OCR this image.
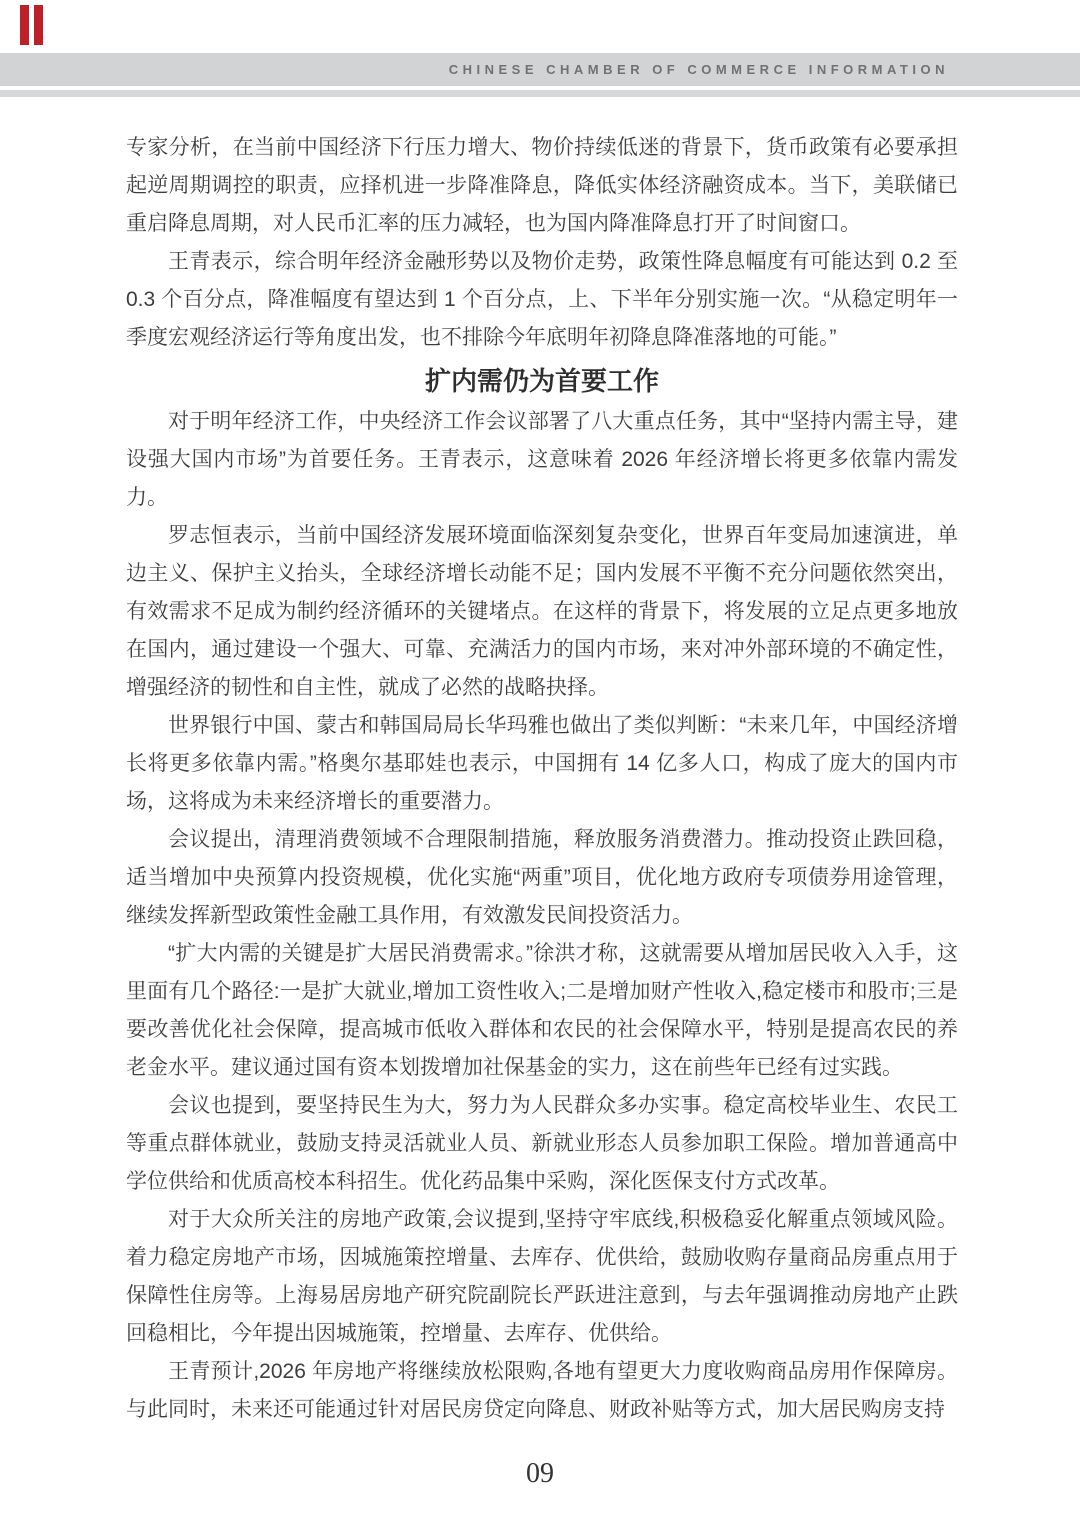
CHINESE CHAMBER OF COMMERCE INFORMATION

专家分析，在当前中国经济下行压力增大、物价持续低迷的背景下，货币政策有必要承担起逆周期调控的职责，应择机进一步降准降息，降低实体经济融资成本。当下，美联储已重启降息周期，对人民币汇率的压力减轻，也为国内降准降息打开了时间窗口。

王青表示，综合明年经济金融形势以及物价走势，政策性降息幅度有可能达到 0.2 至 0.3 个百分点，降准幅度有望达到 1 个百分点，上、下半年分别实施一次。“从稳定明年一季度宏观经济运行等角度出发，也不排除今年底明年初降息降准落地的可能。”

扩内需仍为首要工作

对于明年经济工作，中央经济工作会议部署了八大重点任务，其中“坚持内需主导，建设强大国内市场”为首要任务。王青表示，这意味着 2026 年经济增长将更多依靠内需发力。

罗志恒表示，当前中国经济发展环境面临深刻复杂变化，世界百年变局加速演进，单边主义、保护主义抬头，全球经济增长动能不足；国内发展不平衡不充分问题依然突出，有效需求不足成为制约经济循环的关键堵点。在这样的背景下，将发展的立足点更多地放在国内，通过建设一个强大、可靠、充满活力的国内市场，来对冲外部环境的不确定性，增强经济的韧性和自主性，就成了必然的战略抉择。

世界银行中国、蒙古和韩国局局长华玛雅也做出了类似判断：“未来几年，中国经济增长将更多依靠内需。”格奥尔基耶娃也表示，中国拥有 14 亿多人口，构成了庞大的国内市场，这将成为未来经济增长的重要潜力。

会议提出，清理消费领域不合理限制措施，释放服务消费潜力。推动投资止跌回稳，适当增加中央预算内投资规模，优化实施“两重”项目，优化地方政府专项债券用途管理，继续发挥新型政策性金融工具作用，有效激发民间投资活力。

“扩大内需的关键是扩大居民消费需求。”徐洪才称，这就需要从增加居民收入入手，这里面有几个路径:一是扩大就业,增加工资性收入;二是增加财产性收入,稳定楼市和股市;三是要改善优化社会保障，提高城市低收入群体和农民的社会保障水平，特别是提高农民的养老金水平。建议通过国有资本划拨增加社保基金的实力，这在前些年已经有过实践。

会议也提到，要坚持民生为大，努力为人民群众多办实事。稳定高校毕业生、农民工等重点群体就业，鼓励支持灵活就业人员、新就业形态人员参加职工保险。增加普通高中学位供给和优质高校本科招生。优化药品集中采购，深化医保支付方式改革。

对于大众所关注的房地产政策,会议提到,坚持守牢底线,积极稳妥化解重点领域风险。着力稳定房地产市场，因城施策控增量、去库存、优供给，鼓励收购存量商品房重点用于保障性住房等。上海易居房地产研究院副院长严跃进注意到，与去年强调推动房地产止跌回稳相比，今年提出因城施策，控增量、去库存、优供给。

王青预计,2026 年房地产将继续放松限购,各地有望更大力度收购商品房用作保障房。与此同时，未来还可能通过针对居民房贷定向降息、财政补贴等方式，加大居民购房支持

09
